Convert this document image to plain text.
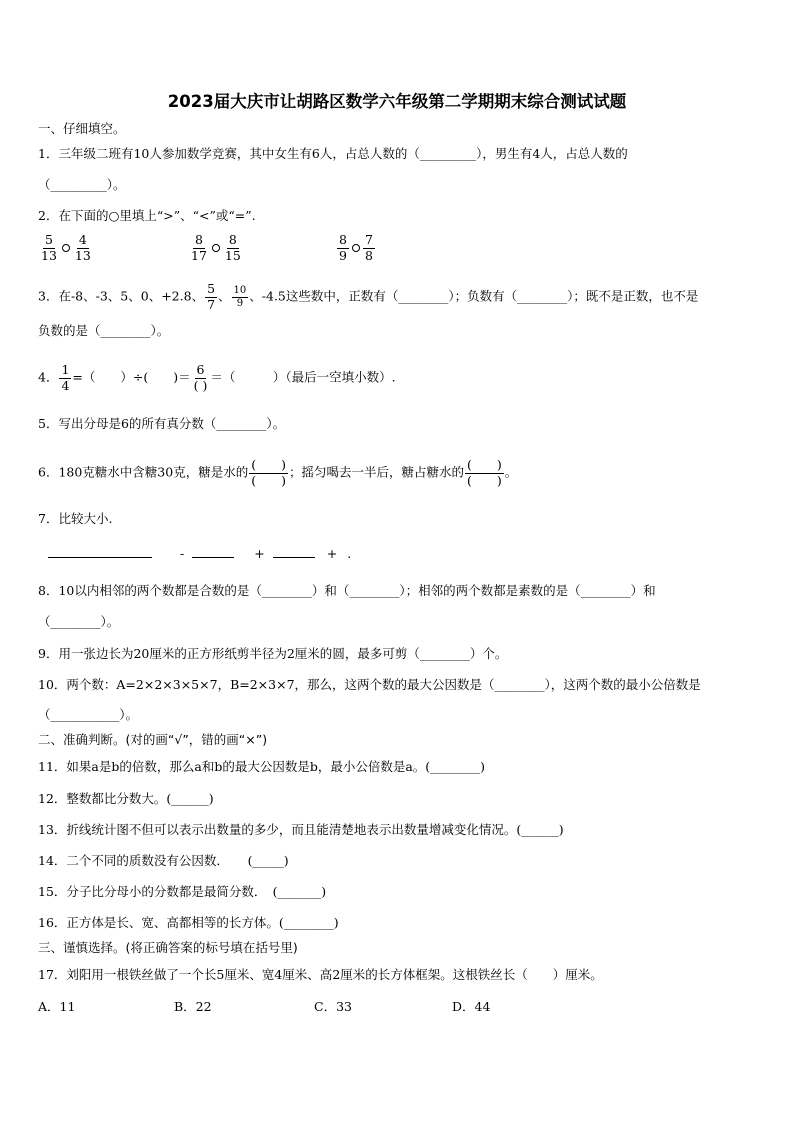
2023届大庆市让胡路区数学六年级第二学期期末综合测试试题
一、仔细填空。
1．三年级二班有10人参加数学竞赛，其中女生有6人，占总人数的（_________），男生有4人，占总人数的
（_________）。
2．在下面的○里填上“>”、“<”或“=”.
$\frac{5}{13} \frac{4}{13}$	$\frac{8}{17} \frac{8}{15}$	$\frac{8}{9} \frac{7}{8}$
3．在-8、-3、5、0、+2.8、 $\frac{5}{7}$ 、 $\frac{10}{9}$ 、-4.5这些数中，正数有（________）；负数有（________）；既不是正数，也不是
负数的是（________）。
4． $\frac{1}{4}$ =（　　）÷(　　)＝ $\frac{6}{( )}$ ＝（　　　）（最后一空填小数）.
5．写出分母是6的所有真分数（________）。
6．180克糖水中含糖30克，糖是水的 $\frac{( )}{( )}$ ；摇匀喝去一半后，糖占糖水的 $\frac{( )}{( )}$ 。
7．比较大小.
-	+	+ .
8．10以内相邻的两个数都是合数的是（________）和（________）；相邻的两个数都是素数的是（________）和
（________）。
9．用一张边长为20厘米的正方形纸剪半径为2厘米的圆，最多可剪（________）个。
10．两个数：A=2×2×3×5×7，B=2×3×7，那么，这两个数的最大公因数是（________），这两个数的最小公倍数是
（___________）。
二、准确判断。(对的画“√”，错的画“×”)
11．如果a是b的倍数，那么a和b的最大公因数是b，最小公倍数是a。(________)
12．整数都比分数大。(______)
13．折线统计图不但可以表示出数量的多少，而且能清楚地表示出数量增减变化情况。(______)
14．二个不同的质数没有公因数．　　(_____)
15．分子比分母小的分数都是最简分数．　(_______)
16．正方体是长、宽、高都相等的长方体。(________)
三、谨慎选择。(将正确答案的标号填在括号里)
17．刘阳用一根铁丝做了一个长5厘米、宽4厘米、高2厘米的长方体框架。这根铁丝长（　　）厘米。
A．11	B．22	C．33	D．44
